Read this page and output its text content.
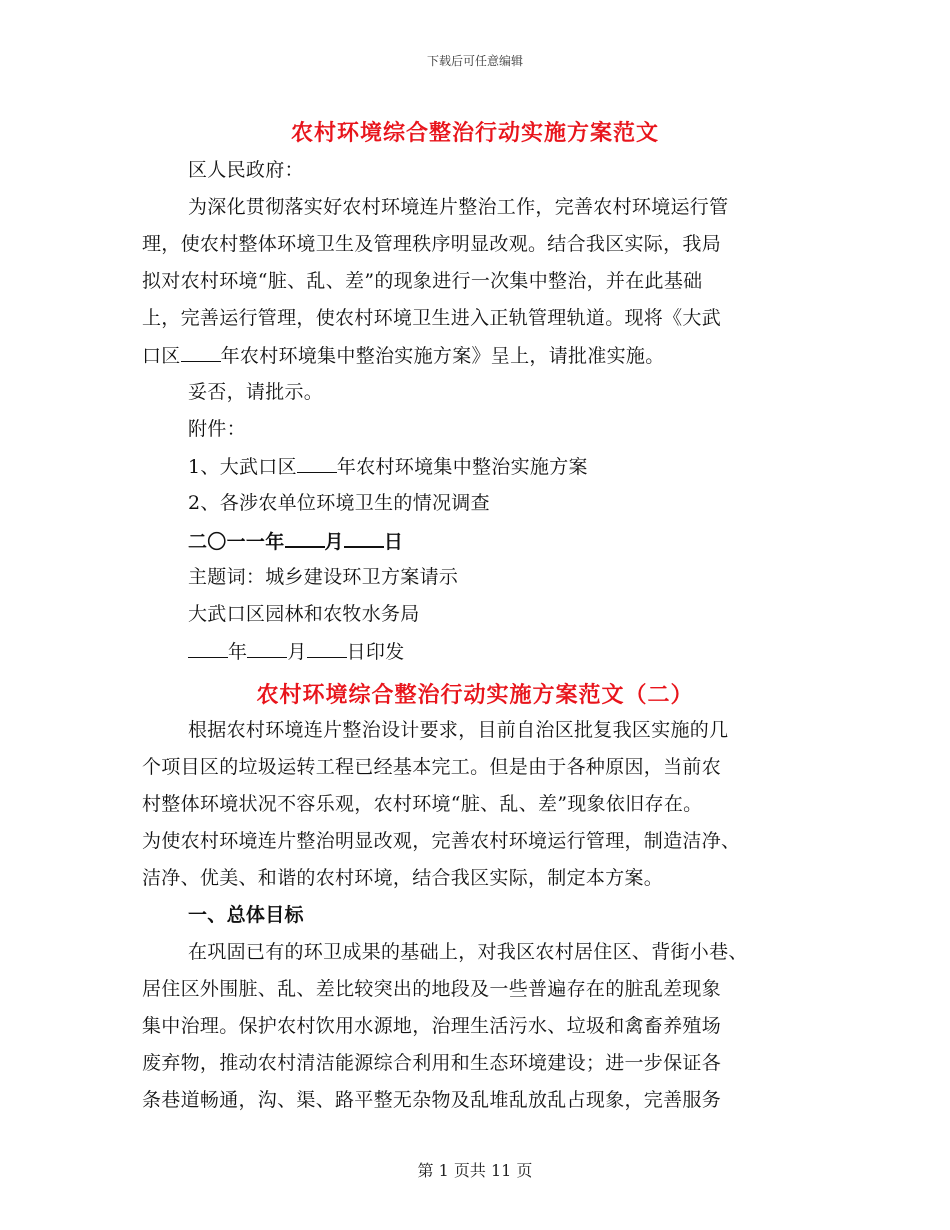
下载后可任意编辑
农村环境综合整治行动实施方案范文
区人民政府：
为深化贯彻落实好农村环境连片整治工作，完善农村环境运行管
理，使农村整体环境卫生及管理秩序明显改观。结合我区实际，我局
拟对农村环境“脏、乱、差”的现象进行一次集中整治，并在此基础
上，完善运行管理，使农村环境卫生进入正轨管理轨道。现将《大武
口区 年农村环境集中整治实施方案》呈上，请批准实施。
妥否，请批示。
附件：
1、大武口区 年农村环境集中整治实施方案
2、各涉农单位环境卫生的情况调查
二〇一一年 月 日
主题词：城乡建设环卫方案请示
大武口区园林和农牧水务局
年 月 日印发
农村环境综合整治行动实施方案范文（二）
根据农村环境连片整治设计要求，目前自治区批复我区实施的几
个项目区的垃圾运转工程已经基本完工。但是由于各种原因，当前农
村整体环境状况不容乐观，农村环境“脏、乱、差”现象依旧存在。
为使农村环境连片整治明显改观，完善农村环境运行管理，制造洁净、
洁净、优美、和谐的农村环境，结合我区实际，制定本方案。
一、总体目标
在巩固已有的环卫成果的基础上，对我区农村居住区、背街小巷、
居住区外围脏、乱、差比较突出的地段及一些普遍存在的脏乱差现象
集中治理。保护农村饮用水源地，治理生活污水、垃圾和禽畜养殖场
废弃物，推动农村清洁能源综合利用和生态环境建设；进一步保证各
条巷道畅通，沟、渠、路平整无杂物及乱堆乱放乱占现象，完善服务
第 1 页共 11 页
